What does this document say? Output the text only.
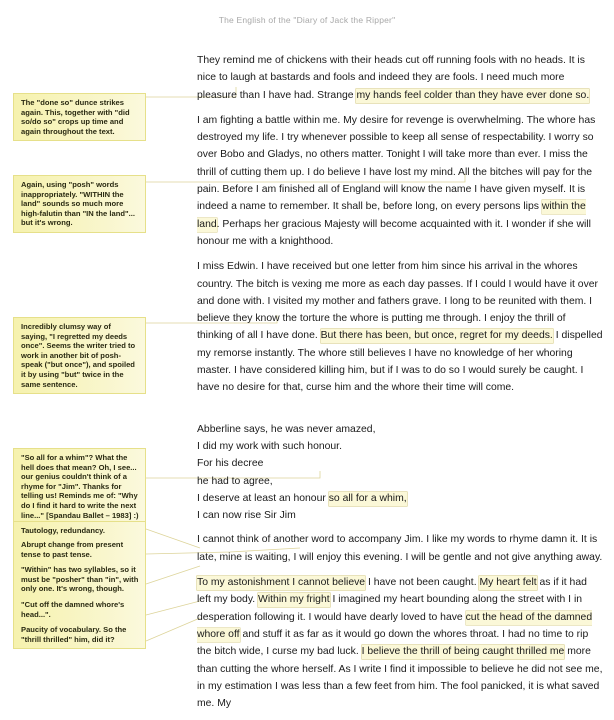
The English of the "Diary of Jack the Ripper"

They remind me of chickens with their heads cut off running fools with no heads. It is nice to laugh at bastards and fools and indeed they are fools. I need much more pleasure than I have had. Strange my hands feel colder than they have ever done so.

I am fighting a battle within me. My desire for revenge is overwhelming. The whore has destroyed my life. I try whenever possible to keep all sense of respectability. I worry so over Bobo and Gladys, no others matter. Tonight I will take more than ever. I miss the thrill of cutting them up. I do believe I have lost my mind. All the bitches will pay for the pain. Before I am finished all of England will know the name I have given myself. It is indeed a name to remember. It shall be, before long, on every persons lips within the land. Perhaps her gracious Majesty will become acquainted with it. I wonder if she will honour me with a knighthood.

I miss Edwin. I have received but one letter from him since his arrival in the whores country. The bitch is vexing me more as each day passes. If I could I would have it over and done with. I visited my mother and fathers grave. I long to be reunited with them. I believe they know the torture the whore is putting me through. I enjoy the thrill of thinking of all I have done. But there has been, but once, regret for my deeds. I dispelled my remorse instantly. The whore still believes I have no knowledge of her whoring master. I have considered killing him, but if I was to do so I would surely be caught. I have no desire for that, curse him and the whore their time will come.

Abberline says, he was never amazed,

I did my work with such honour.

For his decree

he had to agree,

I deserve at least an honour so all for a whim,

I can now rise Sir Jim

I cannot think of another word to accompany Jim. I like my words to rhyme damn it. It is late, mine is waiting, I will enjoy this evening. I will be gentle and not give anything away.

To my astonishment I cannot believe I have not been caught. My heart felt as if it had left my body. Within my fright I imagined my heart bounding along the street with I in desperation following it. I would have dearly loved to have cut the head of the damned whore off and stuff it as far as it would go down the whores throat. I had no time to rip the bitch wide, I curse my bad luck. I believe the thrill of being caught thrilled me more than cutting the whore herself. As I write I find it impossible to believe he did not see me, in my estimation I was less than a few feet from him. The fool panicked, it is what saved me. My

The "done so" dunce strikes again. This, together with "did so/do so" crops up time and again throughout the text.
Again, using "posh" words inappropriately. "WITHIN the land" sounds so much more high-falutin than "IN the land"... but it's wrong.
Incredibly clumsy way of saying, "I regretted my deeds once". Seems the writer tried to work in another bit of posh-speak ("but once"), and spoiled it by using "but" twice in the same sentence.
"So all for a whim"? What the hell does that mean? Oh, I see... our genius couldn't think of a rhyme for "Jim". Thanks for telling us! Reminds me of: "Why do I find it hard to write the next line..." [Spandau Ballet – 1983] :)
Tautology, redundancy.
Abrupt change from present tense to past tense.
"Within" has two syllables, so it must be "posher" than "in", with only one. It's wrong, though.
"Cut off the damned whore's head...".
Paucity of vocabulary. So the "thrill thrilled" him, did it?
